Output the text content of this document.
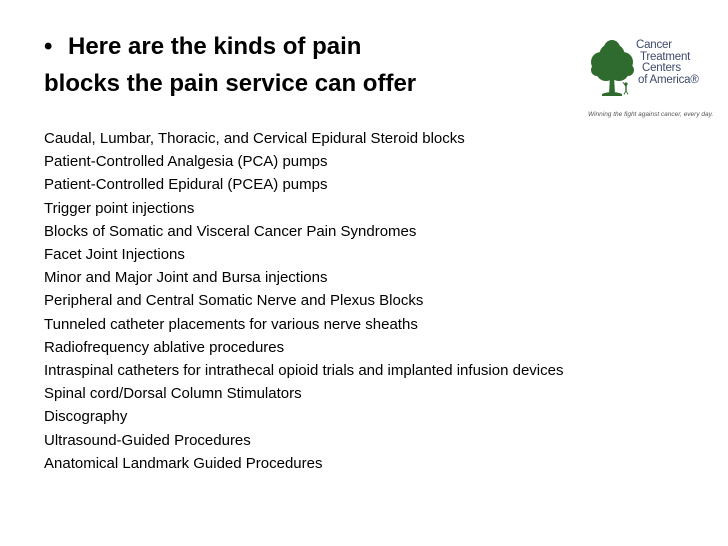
• Here are the kinds of pain
blocks the pain service can offer
Cancer
Treatment
Centers
of America®
Winning the fight against cancer, every day.
Caudal, Lumbar, Thoracic, and Cervical Epidural Steroid blocks
Patient-Controlled Analgesia (PCA) pumps
Patient-Controlled Epidural (PCEA) pumps
Trigger point injections
Blocks of Somatic and Visceral Cancer Pain Syndromes
Facet Joint Injections
Minor and Major Joint and Bursa injections
Peripheral and Central Somatic Nerve and Plexus Blocks
Tunneled catheter placements for various nerve sheaths
Radiofrequency ablative procedures
Intraspinal catheters for intrathecal opioid trials and implanted infusion devices
Spinal cord/Dorsal Column Stimulators
Discography
Ultrasound-Guided Procedures
Anatomical Landmark Guided Procedures
